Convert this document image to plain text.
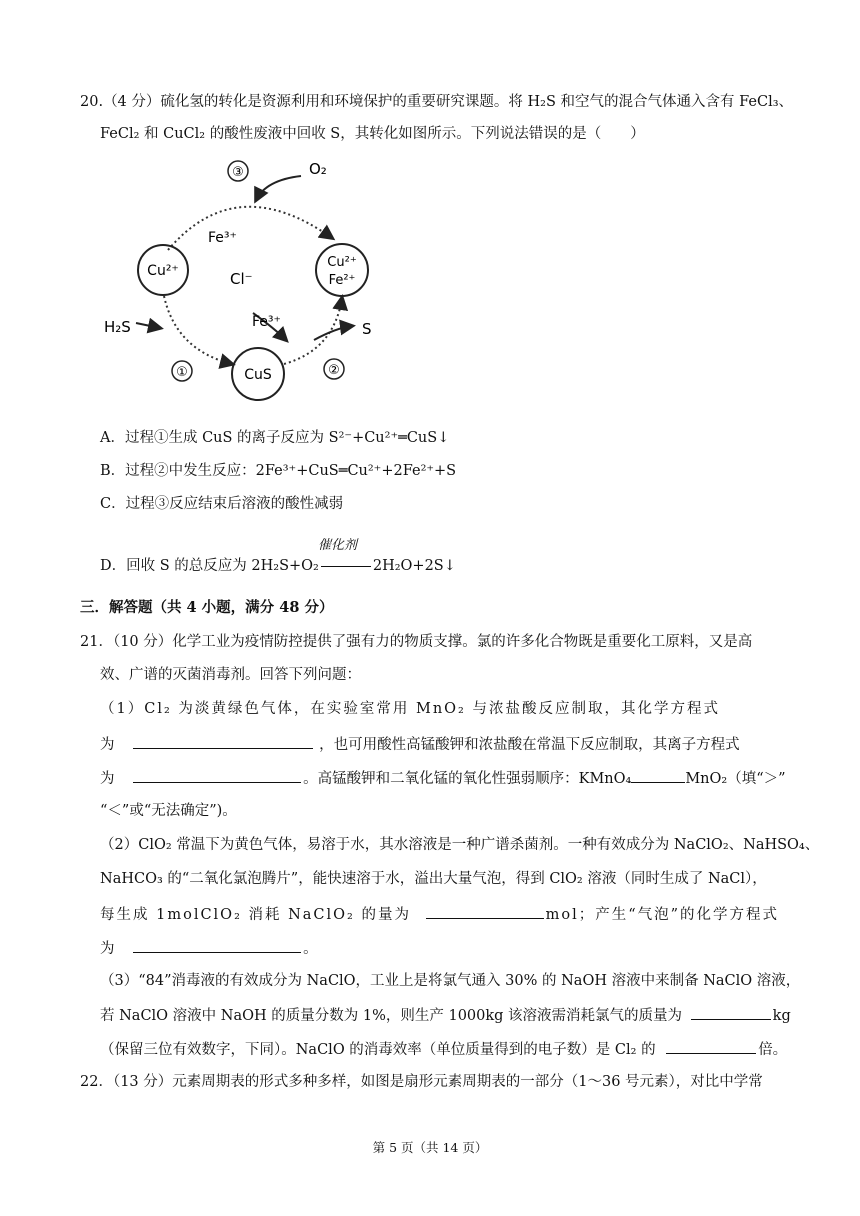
20.（4 分）硫化氢的转化是资源利用和环境保护的重要研究课题。将 H₂S 和空气的混合气体通入含有 FeCl₃、
FeCl₂ 和 CuCl₂ 的酸性废液中回收 S，其转化如图所示。下列说法错误的是（　　）
③	O₂
Fe³⁺
Cu²⁺	Cl⁻
Cu²⁺
Fe²⁺
H₂S	Fe³⁺	S
①	CuS	②
A．过程①生成 CuS 的离子反应为 S²⁻+Cu²⁺═CuS↓
B．过程②中发生反应：2Fe³⁺+CuS═Cu²⁺+2Fe²⁺+S
C．过程③反应结束后溶液的酸性减弱
催化剂
D．回收 S 的总反应为 2H₂S+O₂	2H₂O+2S↓
三．解答题（共 4 小题，满分 48 分）
21．（10 分）化学工业为疫情防控提供了强有力的物质支撑。氯的许多化合物既是重要化工原料，又是高
效、广谱的灭菌消毒剂。回答下列问题：
（1）Cl₂ 为淡黄绿色气体，在实验室常用 MnO₂ 与浓盐酸反应制取，其化学方程式
为	，也可用酸性高锰酸钾和浓盐酸在常温下反应制取，其离子方程式
为	。高锰酸钾和二氧化锰的氧化性强弱顺序：KMnO₄	MnO₂（填“＞”
“＜”或“无法确定”)。
（2）ClO₂ 常温下为黄色气体，易溶于水，其水溶液是一种广谱杀菌剂。一种有效成分为 NaClO₂、NaHSO₄、
NaHCO₃ 的“二氧化氯泡腾片”，能快速溶于水，溢出大量气泡，得到 ClO₂ 溶液（同时生成了 NaCl），
每生成 1molClO₂ 消耗 NaClO₂ 的量为	mol；产生“气泡”的化学方程式
为	。
（3）“84”消毒液的有效成分为 NaClO，工业上是将氯气通入 30% 的 NaOH 溶液中来制备 NaClO 溶液，
若 NaClO 溶液中 NaOH 的质量分数为 1%，则生产 1000kg 该溶液需消耗氯气的质量为	kg
（保留三位有效数字，下同）。NaClO 的消毒效率（单位质量得到的电子数）是 Cl₂ 的	倍。
22．（13 分）元素周期表的形式多种多样，如图是扇形元素周期表的一部分（1～36 号元素），对比中学常
第 5 页（共 14 页）
